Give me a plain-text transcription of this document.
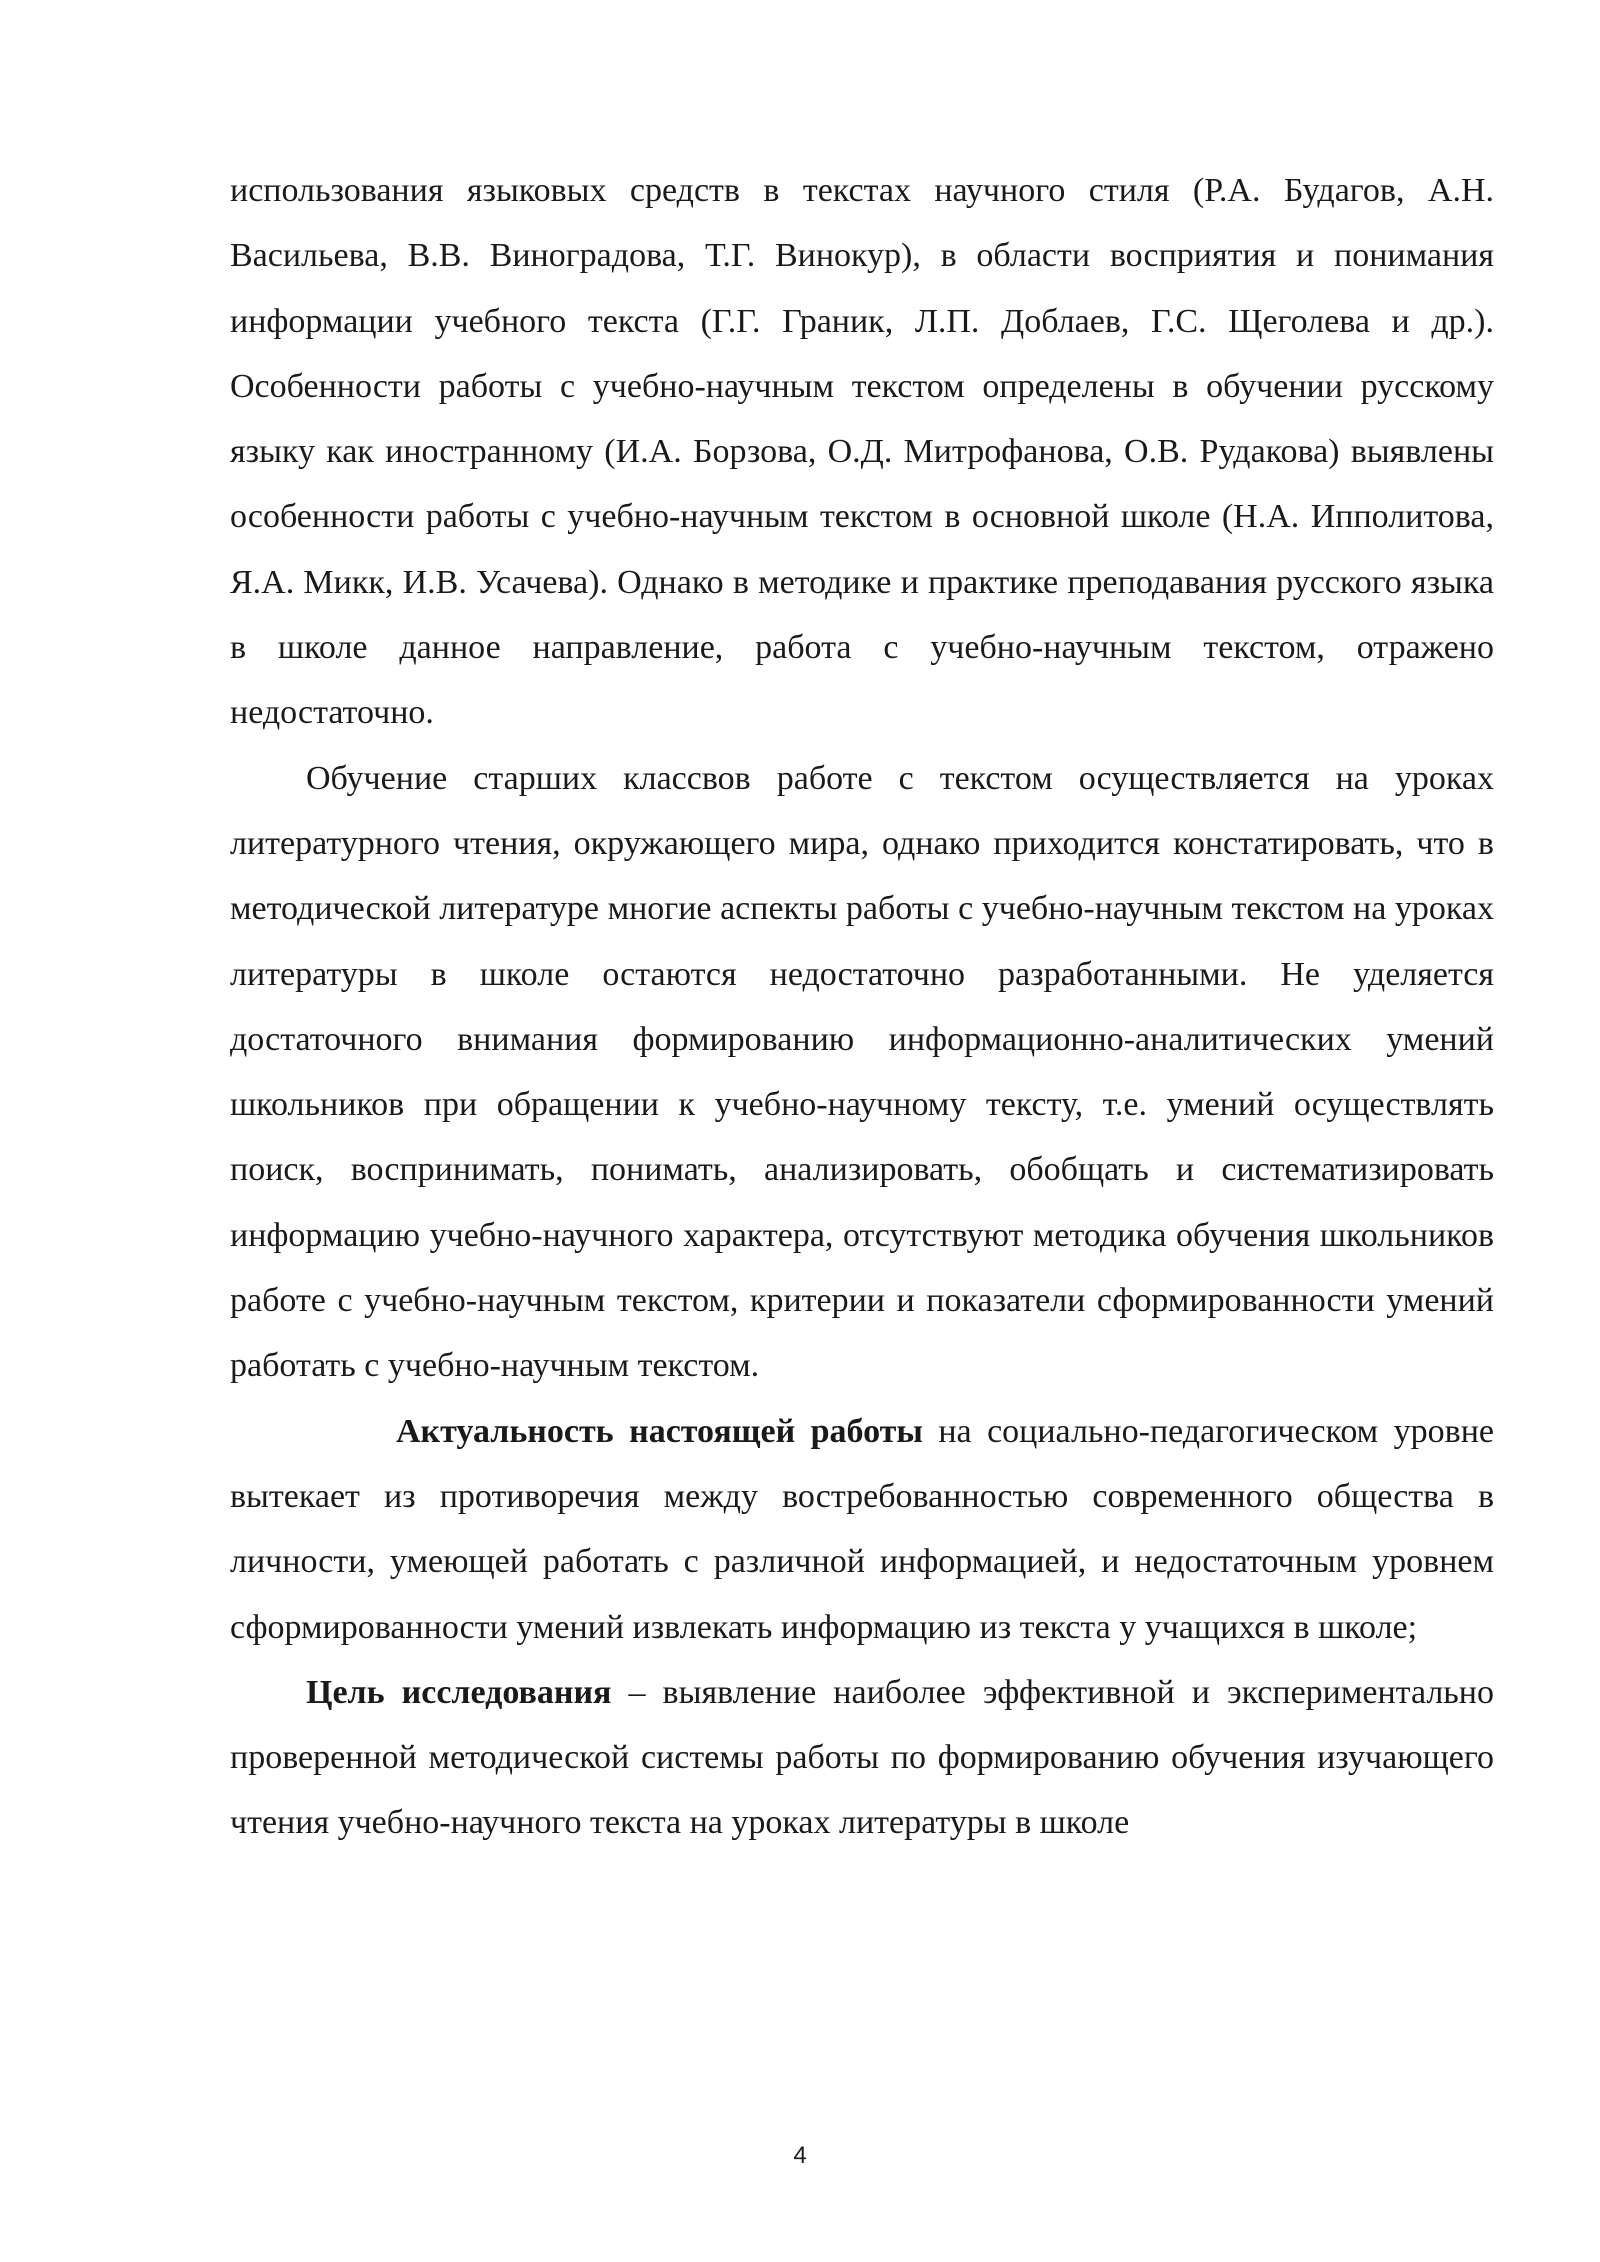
использования языковых средств в текстах научного стиля (Р.А. Будагов, А.Н. Васильева, В.В. Виноградова, Т.Г. Винокур), в области восприятия и понимания информации учебного текста (Г.Г. Граник, Л.П. Доблаев, Г.С. Щеголева и др.). Особенности работы с учебно-научным текстом определены в обучении русскому языку как иностранному (И.А. Борзова, О.Д. Митрофанова, О.В. Рудакова) выявлены особенности работы с учебно-научным текстом в основной школе (Н.А. Ипполитова, Я.А. Микк, И.В. Усачева). Однако в методике и практике преподавания русского языка в школе данное направление, работа с учебно-научным текстом, отражено недостаточно.

Обучение старших классвов работе с текстом осуществляется на уроках литературного чтения, окружающего мира, однако приходится констатировать, что в методической литературе многие аспекты работы с учебно-научным текстом на уроках литературы в школе остаются недостаточно разработанными. Не уделяется достаточного внимания формированию информационно-аналитических умений школьников при обращении к учебно-научному тексту, т.е. умений осуществлять поиск, воспринимать, понимать, анализировать, обобщать и систематизировать информацию учебно-научного характера, отсутствуют методика обучения школьников работе с учебно-научным текстом, критерии и показатели сформированности умений работать с учебно-научным текстом.

Актуальность настоящей работы на социально-педагогическом уровне вытекает из противоречия между востребованностью современного общества в личности, умеющей работать с различной информацией, и недостаточным уровнем сформированности умений извлекать информацию из текста у учащихся в школе;

Цель исследования – выявление наиболее эффективной и экспериментально проверенной методической системы работы по формированию обучения изучающего чтения учебно-научного текста на уроках литературы в школе

4
